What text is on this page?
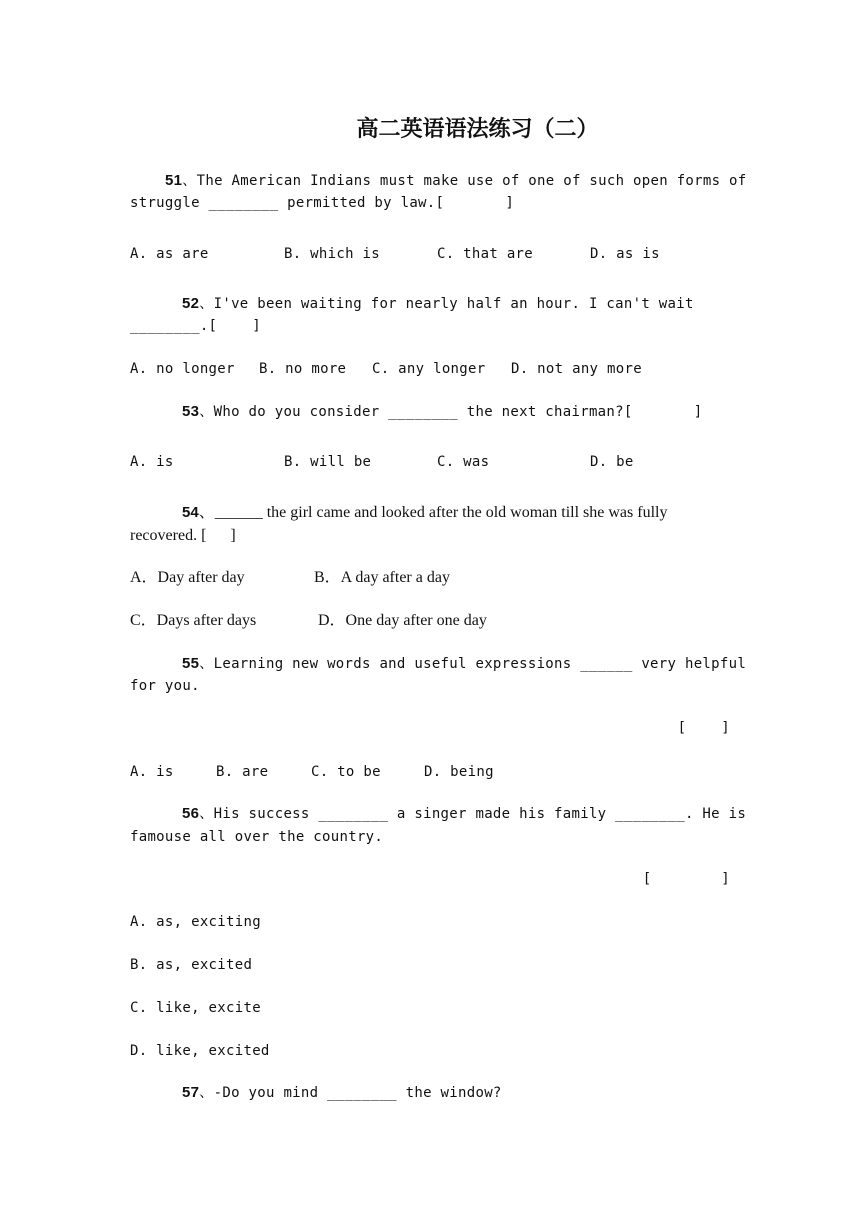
高二英语语法练习（二）
51、The American Indians must make use of one of such open forms of
struggle ________ permitted by law.[       ]
A. as are	B. which is	C. that are	D. as is
52、I've been waiting for nearly half an hour. I can't wait
________.[    ]
A. no longer B. no more C. any longer D. not any more
53、Who do you consider ________ the next chairman?[       ]
A. is	B. will be	C. was	D. be
54、______ the girl came and looked after the old woman till she was fully
recovered. [      ]
A．Day after day	B．A day after a day
C．Days after days	D．One day after one day
55、Learning new words and useful expressions ______ very helpful
for you.
[    ]
A. is	B. are	C. to be	D. being
56、His success ________ a singer made his family ________. He is
famouse all over the country.
[        ]
A. as, exciting
B. as, excited
C. like, excite
D. like, excited
57、-Do you mind ________ the window?
